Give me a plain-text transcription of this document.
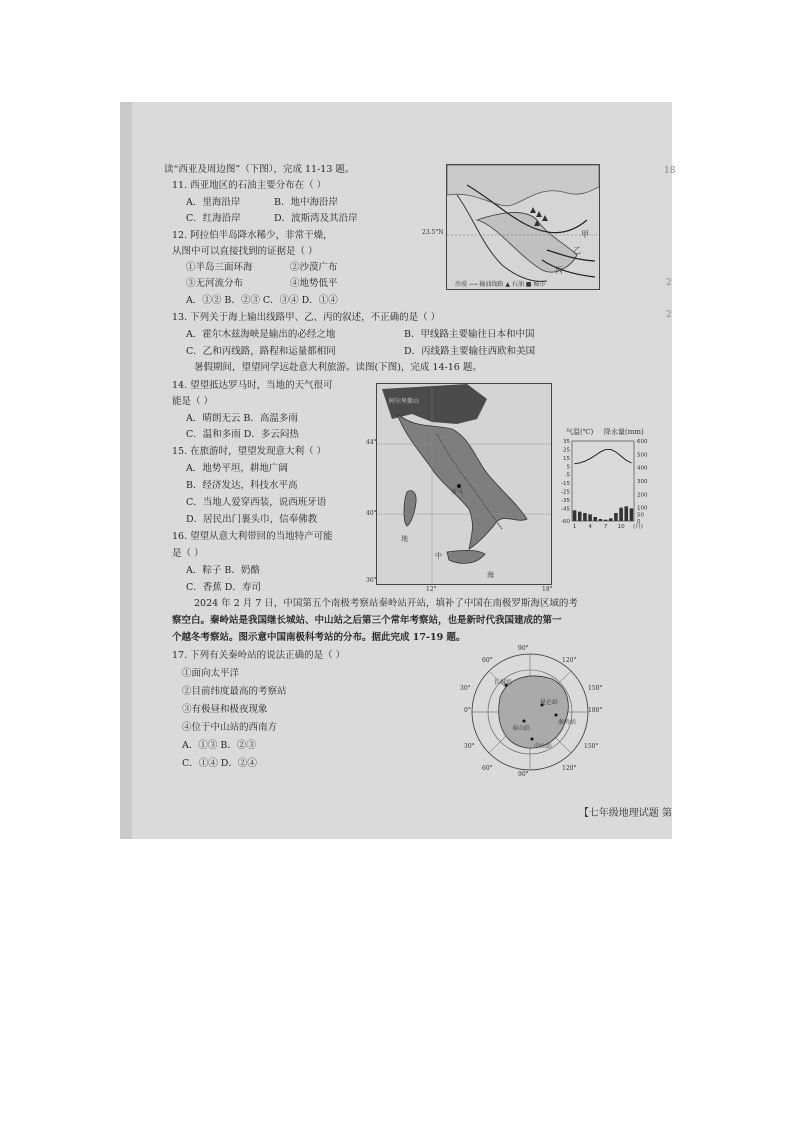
读“西亚及周边图”（下图），完成 11-13 题。
11. 西亚地区的石油主要分布在（ ）
A．里海沿岸	B．地中海沿岸
C．红海沿岸	D．波斯湾及其沿岸
12. 阿拉伯半岛降水稀少，非常干燥，
从图中可以直接找到的证据是（ ）
①半岛三面环海	②沙漠广布
③无河流分布	④地势低平
A．①② B．②③ C．③④ D．①④
13. 下列关于海上输出线路甲、乙、丙的叙述，不正确的是（ ）
A．霍尔木兹海峡是输出的必经之地	B．甲线路主要输往日本和中国
C．乙和丙线路，路程和运量都相同	D．丙线路主要输往西欧和美国
暑假期间，望望同学远赴意大利旅游。读图(下图)，完成 14-16 题。
甲
乙
丙
沙漠 ⟶ 输油线路 ▲ 石油 ■ 城市
23.5°N
14. 望望抵达罗马时，当地的天气很可
能是（ ）
A．晴朗无云 B．高温多雨
C．温和多雨 D．多云闷热
15. 在旅游时，望望发现意大利（ ）
A．地势平坦，耕地广阔
B．经济发达，科技水平高
C．当地人爱穿西装，说西班牙语
D．居民出门裹头巾，信奉佛教
16. 望望从意大利带回的当地特产可能
是（ ）
A．粽子 B．奶酪
C．香蕉 D．寿司
罗马
地
中
海
阿尔卑斯山
44°
40°
36°
12°	18°
气温(℃) 降水量(mm)
35
25
15
5
-5
-15
-25
-35
-45
-60
600
500
400
300
200
100
50
0
1 4 7 10 (月)
2024 年 2 月 7 日，中国第五个南极考察站秦岭站开站，填补了中国在南极罗斯海区域的考
察空白。秦岭站是我国继长城站、中山站之后第三个常年考察站，也是新时代我国建成的第一
个越冬考察站。图示意中国南极科考站的分布。据此完成 17-19 题。
17. 下列有关秦岭站的说法正确的是（ ）
①面向太平洋
②目前纬度最高的考察站
③有极昼和极夜现象
④位于中山站的西南方
A．①③ B．②③
C．①④ D．②④
90°
60°	120°
30°	150°
0°	180°
30°	150°
60°	120°
90°
长城站
中山站
泰山站
昆仑站
秦岭站
【七年级地理试题 第
18
2
2
